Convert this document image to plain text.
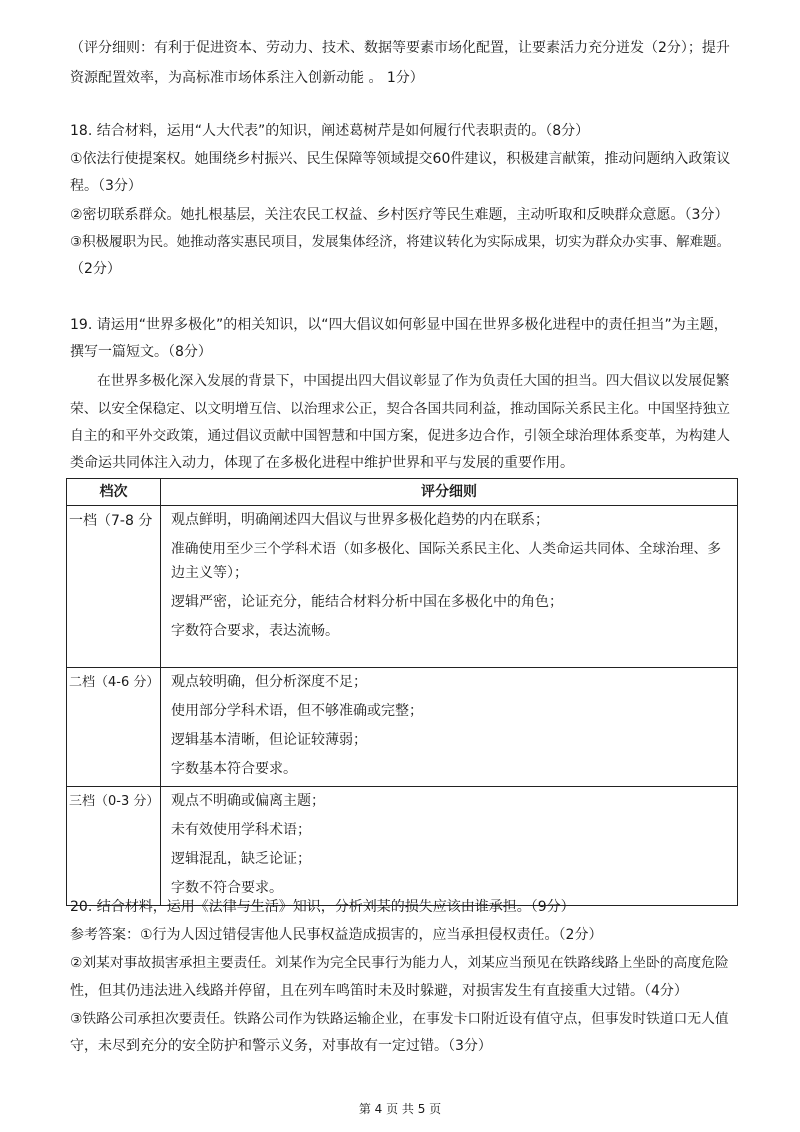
（评分细则：有利于促进资本、劳动力、技术、数据等要素市场化配置，让要素活力充分迸发（2分）；提升
资源配置效率，为高标准市场体系注入创新动能 。 1分）
18. 结合材料，运用“人大代表”的知识，阐述葛树芹是如何履行代表职责的。（8分）
①依法行使提案权。她围绕乡村振兴、民生保障等领域提交60件建议，积极建言献策，推动问题纳入政策议
程。（3分）
②密切联系群众。她扎根基层，关注农民工权益、乡村医疗等民生难题，主动听取和反映群众意愿。（3分）
③积极履职为民。她推动落实惠民项目，发展集体经济，将建议转化为实际成果，切实为群众办实事、解难题。
（2分）
19. 请运用“世界多极化”的相关知识，以“四大倡议如何彰显中国在世界多极化进程中的责任担当”为主题，
撰写一篇短文。（8分）
在世界多极化深入发展的背景下，中国提出四大倡议彰显了作为负责任大国的担当。四大倡议以发展促繁
荣、以安全保稳定、以文明增互信、以治理求公正，契合各国共同利益，推动国际关系民主化。中国坚持独立
自主的和平外交政策，通过倡议贡献中国智慧和中国方案，促进多边合作，引领全球治理体系变革，为构建人
类命运共同体注入动力，体现了在多极化进程中维护世界和平与发展的重要作用。
档次	评分细则
一档（7-8 分	观点鲜明，明确阐述四大倡议与世界多极化趋势的内在联系；
准确使用至少三个学科术语（如多极化、国际关系民主化、人类命运共同体、全球治理、多
边主义等）；
逻辑严密，论证充分，能结合材料分析中国在多极化中的角色；
字数符合要求，表达流畅。

二档（4-6 分）	观点较明确，但分析深度不足；
使用部分学科术语，但不够准确或完整；
逻辑基本清晰，但论证较薄弱；
字数基本符合要求。

三档（0-3 分）	观点不明确或偏离主题；
未有效使用学科术语；
逻辑混乱，缺乏论证；
字数不符合要求。
20. 结合材料，运用《法律与生活》知识，分析刘某的损失应该由谁承担。（9分）
参考答案：①行为人因过错侵害他人民事权益造成损害的，应当承担侵权责任。（2分）
②刘某对事故损害承担主要责任。刘某作为完全民事行为能力人，刘某应当预见在铁路线路上坐卧的高度危险
性，但其仍违法进入线路并停留，且在列车鸣笛时未及时躲避，对损害发生有直接重大过错。（4分）
③铁路公司承担次要责任。铁路公司作为铁路运输企业，在事发卡口附近设有值守点，但事发时铁道口无人值
守，未尽到充分的安全防护和警示义务，对事故有一定过错。（3分）
第 4 页 共 5 页
